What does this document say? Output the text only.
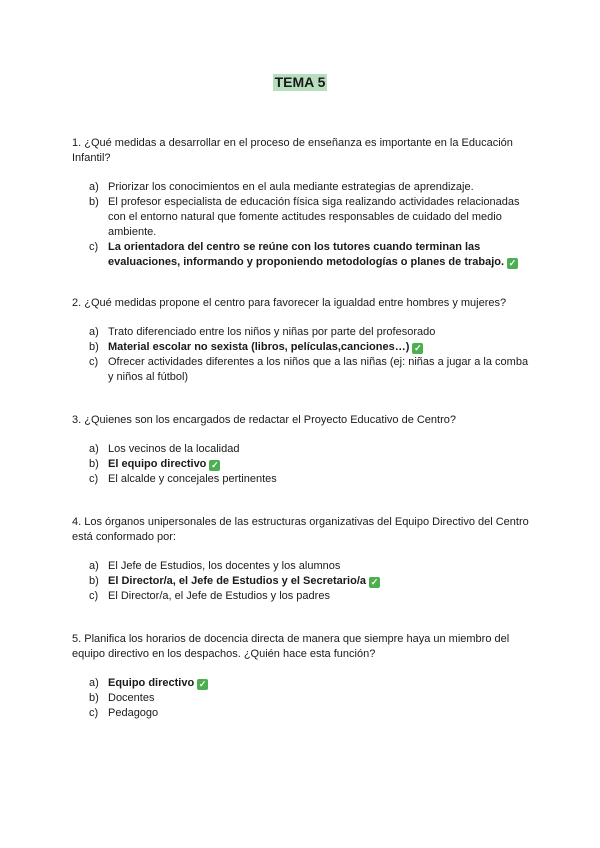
TEMA 5

1. ¿Qué medidas a desarrollar en el proceso de enseñanza es importante en la Educación Infantil?

a) Priorizar los conocimientos en el aula mediante estrategias de aprendizaje.
b) El profesor especialista de educación física siga realizando actividades relacionadas con el entorno natural que fomente actitudes responsables de cuidado del medio ambiente.
c) La orientadora del centro se reúne con los tutores cuando terminan las evaluaciones, informando y proponiendo metodologías o planes de trabajo. ✓

2. ¿Qué medidas propone el centro para favorecer la igualdad entre hombres y mujeres?

a) Trato diferenciado entre los niños y niñas por parte del profesorado
b) Material escolar no sexista (libros, películas,canciones…) ✓
c) Ofrecer actividades diferentes a los niños que a las niñas (ej: niñas a jugar a la comba y niños al fútbol)

3. ¿Quienes son los encargados de redactar el Proyecto Educativo de Centro?

a) Los vecinos de la localidad
b) El equipo directivo ✓
c) El alcalde y concejales pertinentes

4. Los órganos unipersonales de las estructuras organizativas del Equipo Directivo del Centro está conformado por:

a) El Jefe de Estudios, los docentes y los alumnos
b) El Director/a, el Jefe de Estudios y el Secretario/a ✓
c) El Director/a, el Jefe de Estudios y los padres

5. Planifica los horarios de docencia directa de manera que siempre haya un miembro del equipo directivo en los despachos. ¿Quién hace esta función?

a) Equipo directivo ✓
b) Docentes
c) Pedagogo
